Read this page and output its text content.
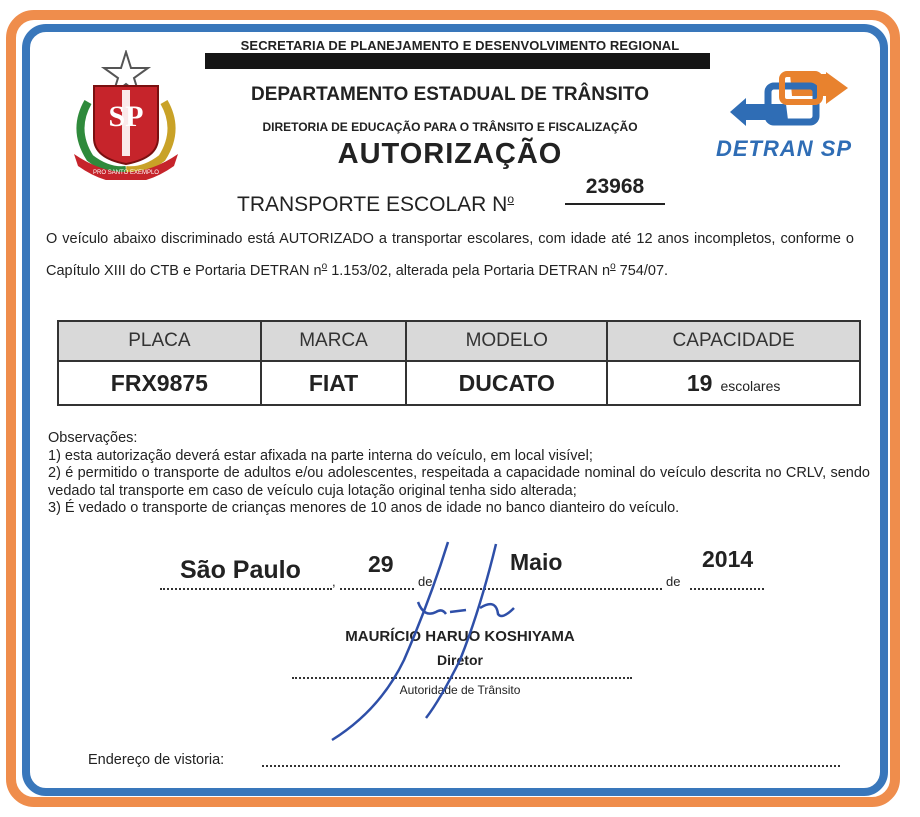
SP
PRO SANTO EXEMPLO
DETRAN SP
SECRETARIA DE PLANEJAMENTO E DESENVOLVIMENTO REGIONAL
DEPARTAMENTO ESTADUAL DE TRÂNSITO
DIRETORIA DE EDUCAÇÃO PARA O TRÂNSITO E FISCALIZAÇÃO
AUTORIZAÇÃO
TRANSPORTE ESCOLAR $N^o$
23968
O veículo abaixo discriminado está AUTORIZADO a transportar escolares, com idade até 12 anos incompletos, conforme o Capítulo XIII do CTB e Portaria DETRAN $n^o$ 1.153/02, alterada pela Portaria DETRAN $n^o$ 754/07.
PLACA	MARCA	MODELO	CAPACIDADE
FRX9875	FIAT	DUCATO	19 escolares
Observações:
1) esta autorização deverá estar afixada na parte interna do veículo, em local visível;
2) é permitido o transporte de adultos e/ou adolescentes, respeitada a capacidade nominal do veículo descrita no CRLV, sendo vedado tal transporte em caso de veículo cuja lotação original tenha sido alterada;
3) É vedado o transporte de crianças menores de 10 anos de idade no banco dianteiro do veículo.
São Paulo ,
29
de
Maio
de
2014
MAURÍCIO HARUO KOSHIYAMA
Diretor
Autoridade de Trânsito
Endereço de vistoria:
